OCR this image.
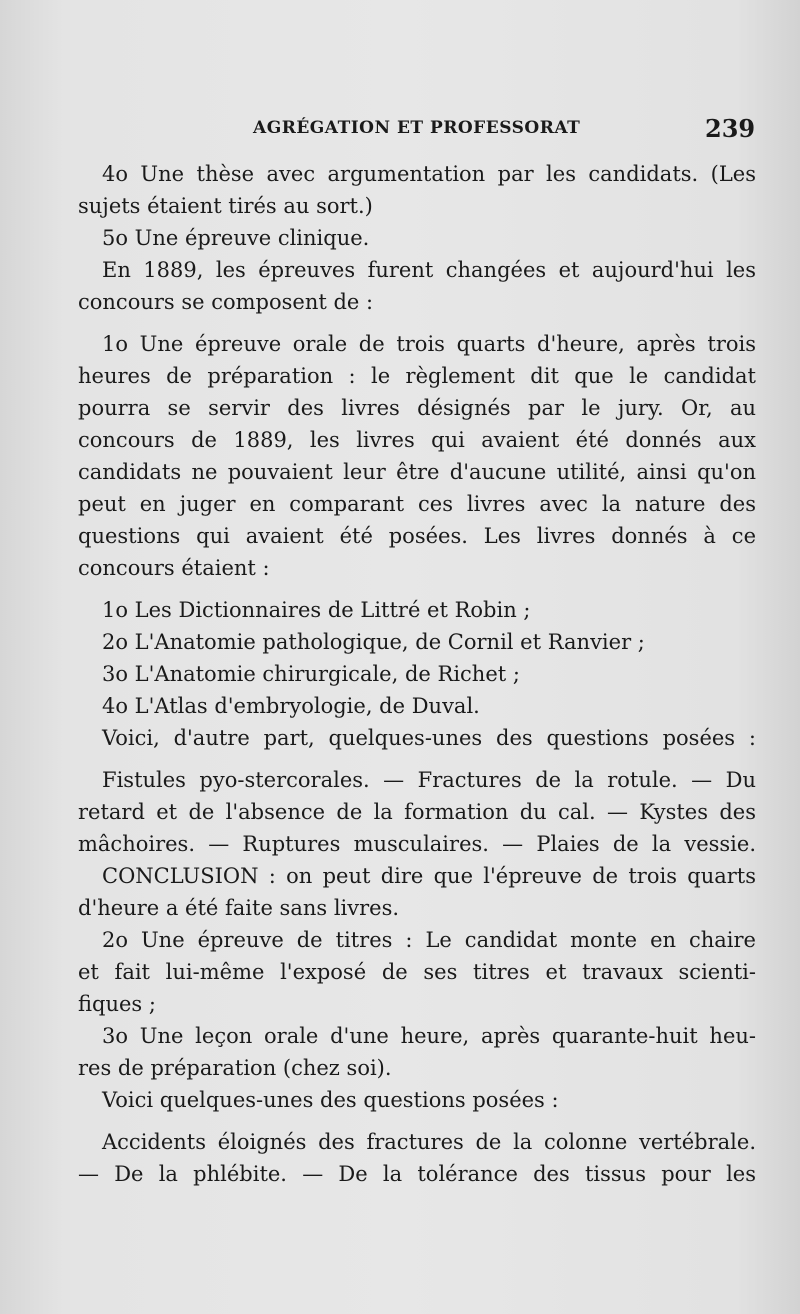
AGRÉGATION ET PROFESSORAT	239
4o Une thèse avec argumentation par les candidats. (Les
sujets étaient tirés au sort.)
5o Une épreuve clinique.
En 1889, les épreuves furent changées et aujourd'hui les
concours se composent de :
1o Une épreuve orale de trois quarts d'heure, après trois
heures de préparation : le règlement dit que le candidat
pourra se servir des livres désignés par le jury. Or, au
concours de 1889, les livres qui avaient été donnés aux
candidats ne pouvaient leur être d'aucune utilité, ainsi qu'on
peut en juger en comparant ces livres avec la nature des
questions qui avaient été posées. Les livres donnés à ce
concours étaient :
1o Les Dictionnaires de Littré et Robin ;
2o L'Anatomie pathologique, de Cornil et Ranvier ;
3o L'Anatomie chirurgicale, de Richet ;
4o L'Atlas d'embryologie, de Duval.
Voici, d'autre part, quelques-unes des questions posées :
Fistules pyo-stercorales. — Fractures de la rotule. — Du
retard et de l'absence de la formation du cal. — Kystes des
mâchoires. — Ruptures musculaires. — Plaies de la vessie.
CONCLUSION : on peut dire que l'épreuve de trois quarts
d'heure a été faite sans livres.
2o Une épreuve de titres : Le candidat monte en chaire
et fait lui-même l'exposé de ses titres et travaux scienti-
fiques ;
3o Une leçon orale d'une heure, après quarante-huit heu-
res de préparation (chez soi).
Voici quelques-unes des questions posées :
Accidents éloignés des fractures de la colonne vertébrale.
— De la phlébite. — De la tolérance des tissus pour les
